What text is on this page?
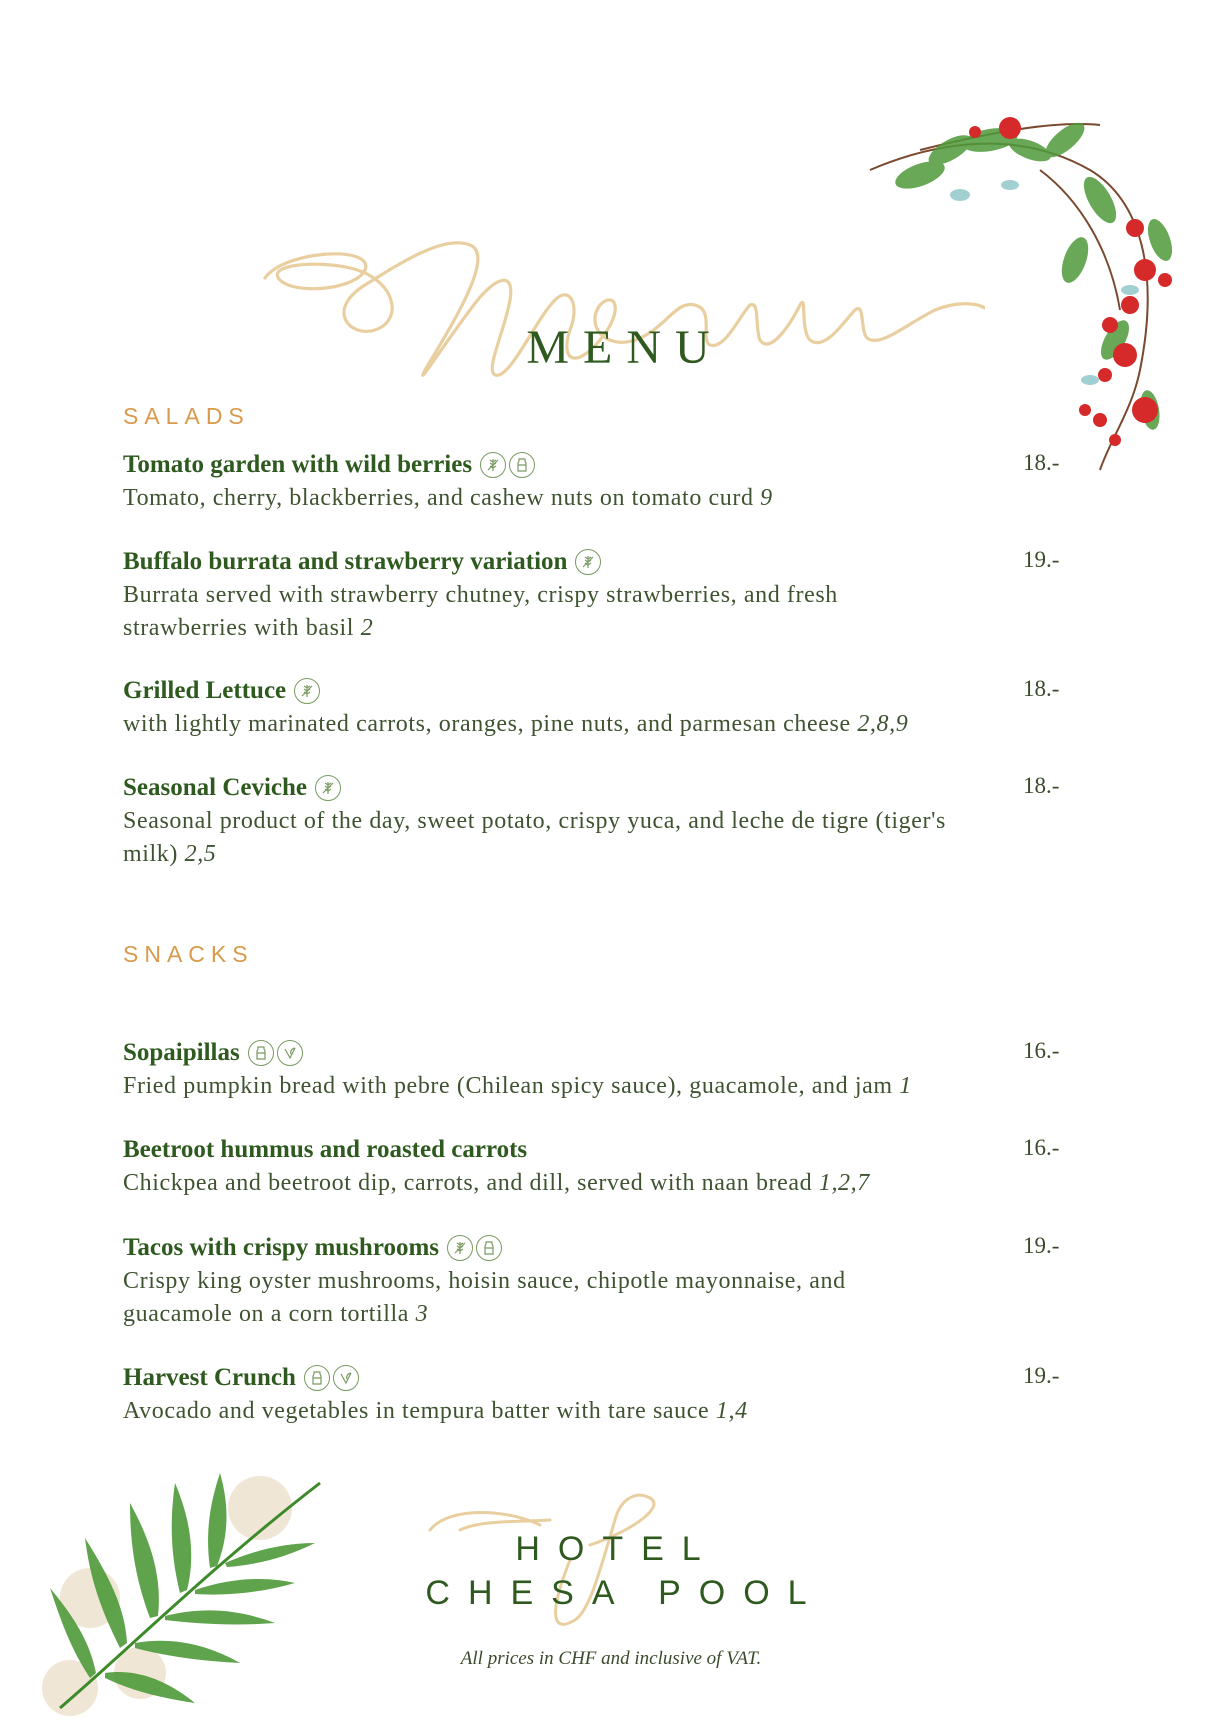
MENU
SALADS
Tomato garden with wild berries	18.-
Tomato, cherry, blackberries, and cashew nuts on tomato curd 9
Buffalo burrata and strawberry variation	19.-
Burrata served with strawberry chutney, crispy strawberries, and fresh strawberries with basil 2
Grilled Lettuce	18.-
with lightly marinated carrots, oranges, pine nuts, and parmesan cheese 2,8,9
Seasonal Ceviche	18.-
Seasonal product of the day, sweet potato, crispy yuca, and leche de tigre (tiger's milk) 2,5
SNACKS
Sopaipillas	16.-
Fried pumpkin bread with pebre (Chilean spicy sauce), guacamole, and jam 1
Beetroot hummus and roasted carrots	16.-
Chickpea and beetroot dip, carrots, and dill, served with naan bread 1,2,7
Tacos with crispy mushrooms	19.-
Crispy king oyster mushrooms, hoisin sauce, chipotle mayonnaise, and guacamole on a corn tortilla 3
Harvest Crunch	19.-
Avocado and vegetables in tempura batter with tare sauce 1,4
HOTEL
CHESA POOL
All prices in CHF and inclusive of VAT.
